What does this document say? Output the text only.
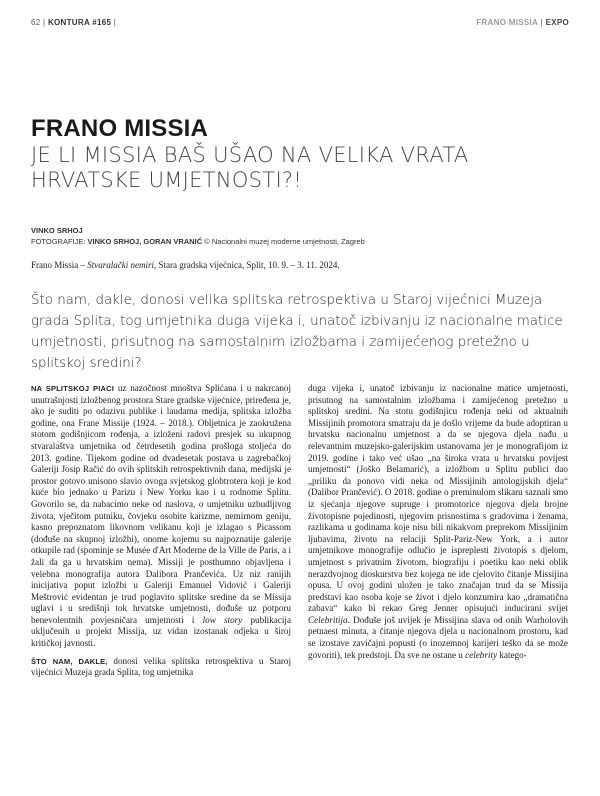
62 | KONTURA #165 |	FRANO MISSIA | EXPO
FRANO MISSIA
JE LI MISSIA BAŠ UŠAO NA VELIKA VRATA HRVATSKE UMJETNOSTI?!
VINKO SRHOJ
FOTOGRAFIJE: VINKO SRHOJ, GORAN VRANIĆ © Nacionalni muzej moderne umjetnosti, Zagreb
Frano Missia – Stvaralački nemiri, Stara gradska vijećnica, Split, 10. 9. – 3. 11. 2024.
Što nam, dakle, donosi velika splitska retrospektiva u Staroj vijećnici Muzeja grada Splita, tog umjetnika duga vijeka i, unatoč izbivanju iz nacionalne matice umjetnosti, prisutnog na samostalnim izložbama i zamijećenog pretežno u splitskoj sredini?

NA SPLITSKOJ PIACI uz nazočnost mnoštva Splićana i u nakrcanoj unutrašnjosti izložbenog prostora Stare gradske vijećnice, priređena je, ako je suditi po odazivu publike i laudama medija, splitska izložba godine, ona Frane Missije (1924. – 2018.). Obljetnica je zaokružena stotom godišnjicom rođenja, a izloženi radovi presjek su ukupnog stvaralaštva umjetnika od četrdesetih godina prošloga stoljeća do 2013. godine. Tijekom godine od dvadesetak postava u zagrebačkoj Galeriji Josip Račić do ovih splitskih retrospektivnih dana, medijski je prostor gotovo unisono slavio ovoga svjetskog globtrotera koji je kod kuće bio jednako u Parizu i New Yorku kao i u rodnome Splitu. Govorilo se, da nabacimo neke od naslova, o umjetniku uzbudljivog života, vječitom putniku, čovjeku osobite karizme, nemirnom geniju, kasno prepoznatom likovnom velikanu koji je izlagao s Picassom (dođuše na skupnoj izložbi), onome kojemu su najpoznatije galerije otkupile rad (spominje se Musée d'Art Moderne de la Ville de Paris, a i žali da ga u hrvatskim nema). Missiji je posthumno objavljena i velebna monografija autora Dalibora Prančevića. Uz niz ranijih inicijativa poput izložbi u Galeriji Emanuel Vidović i Galeriji Meštrović evidentan je trud poglavito splitske sredine da se Missija uglavi i u središnji tok hrvatske umjetnosti, dođuše uz potporu benevolentnih povjesničara umjetnosti i low story publikacija uključenih u projekt Missija, uz vidan izostanak odjeka u široj kritičkoj javnosti.

ŠTO NAM, DAKLE, donosi velika splitska retrospektiva u Staroj vijećnici Muzeja grada Splita, tog umjetnika

duga vijeka i, unatoč izbivanju iz nacionalne matice umjetnosti, prisutnog na samostalnim izložbama i zamijećenog pretežno u splitskoj sredini. Na stotu godišnjicu rođenja neki od aktualnih Missijinih promotora smatraju da je došlo vrijeme da bude adoptiran u hrvatsku nacionalnu umjetnost a da se njegova djela nađu u relevantnim muzejsko-galerijskim ustanovama jer je monografijom iz 2019. godine i tako već ušao „na široka vrata u hrvatsku povijest umjetnosti“ (Joško Belamarić), a izložbom u Splitu publici dao „priliku da ponovo vidi neka od Missijinih antologijskih djela“ (Dalibor Prančević). O 2018. godine o preminulom slikaru saznali smo iz sjećanja njegove supruge i promotorice njegova djela brojne životopisne pojedinosti, njegovim prisnostima s gradovima i ženama, razlikama u godinama koje nisu bili nikakvom preprekom Missijinim ljubavima, životu na relaciji Split-Pariz-New York, a i autor umjetnikove monografije odlučio je ispreplesti životopis s djelom, umjetnost s privatnim životom, biografiju i poetiku kao neki oblik nerazdvojnog dioskurstva bez kojega ne ide cjelovito čitanje Missijina opusa. U ovoj godini uložen je tako značajan trud da se Missija predstavi kao osoba koje se život i djelo konzumira kao „dramatična zabava“ kako bi rekao Greg Jenner opisujući inducirani svijet Celebritija. Dođuše još uvijek je Missijina slava od onih Warholovih petnaest minuta, a čitanje njegova djela u nacionalnom prostoru, kad se izostave zavičajni popusti (o inozemnoj karijeri teško da se može govoriti), tek predstoji. Da sve ne ostane u celebrity katego-
